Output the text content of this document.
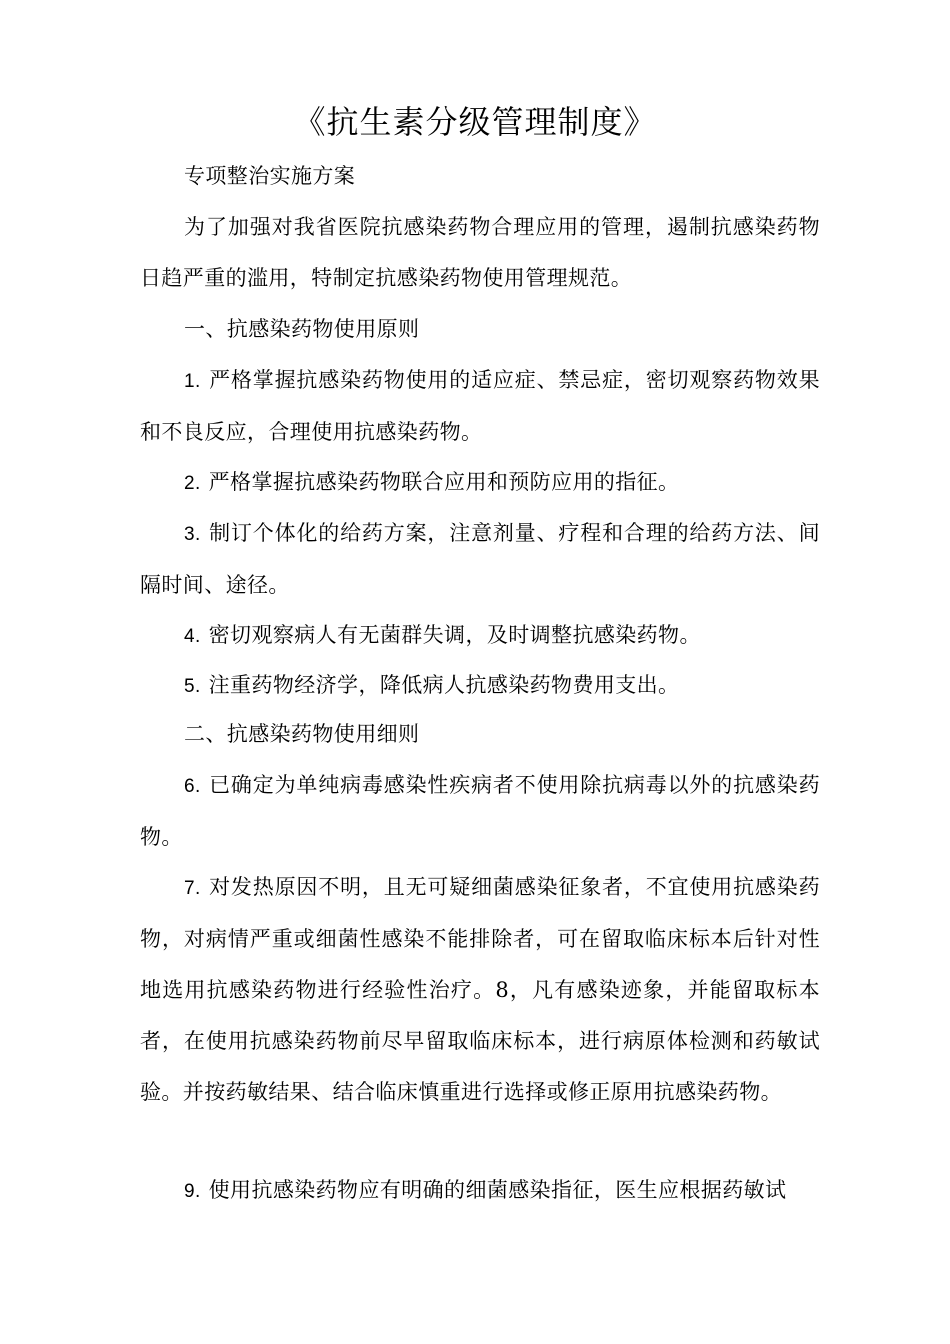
《抗生素分级管理制度》
专项整治实施方案
为了加强对我省医院抗感染药物合理应用的管理，遏制抗感染药物日趋严重的滥用，特制定抗感染药物使用管理规范。
一、抗感染药物使用原则
1. 严格掌握抗感染药物使用的适应症、禁忌症，密切观察药物效果和不良反应，合理使用抗感染药物。
2. 严格掌握抗感染药物联合应用和预防应用的指征。
3. 制订个体化的给药方案，注意剂量、疗程和合理的给药方法、间隔时间、途径。
4. 密切观察病人有无菌群失调，及时调整抗感染药物。
5. 注重药物经济学，降低病人抗感染药物费用支出。
二、抗感染药物使用细则
6. 已确定为单纯病毒感染性疾病者不使用除抗病毒以外的抗感染药物。
7. 对发热原因不明，且无可疑细菌感染征象者，不宜使用抗感染药物，对病情严重或细菌性感染不能排除者，可在留取临床标本后针对性地选用抗感染药物进行经验性治疗。8，凡有感染迹象，并能留取标本者，在使用抗感染药物前尽早留取临床标本，进行病原体检测和药敏试验。并按药敏结果、结合临床慎重进行选择或修正原用抗感染药物。
9. 使用抗感染药物应有明确的细菌感染指征，医生应根据药敏试
